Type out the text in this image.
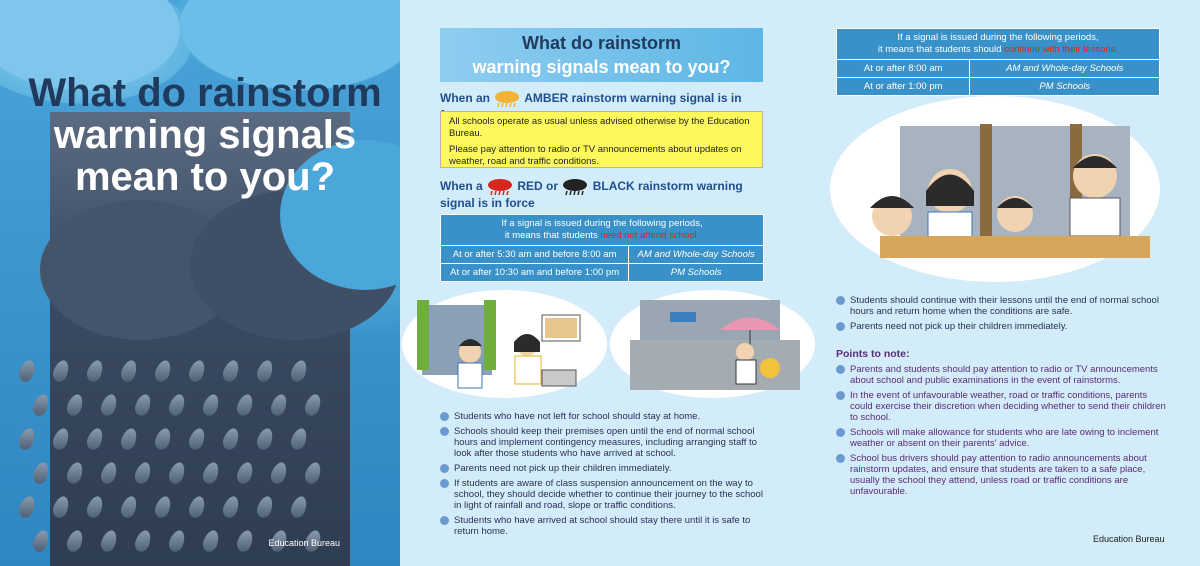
What do rainstorm
warning signals
mean to you?
Education Bureau
What do rainstorm
warning signals mean to you?
When an	AMBER rainstorm warning signal is in

All schools operate as usual unless advised otherwise by the Education Bureau.

Please pay attention to radio or TV announcements about updates on weather, road and traffic conditions.

When a	RED or	BLACK rainstorm warning
signal is in force
If a signal is issued during the following periods,
it means that students need not attend school.	
At or after 5:30 am and before 8:00 am	AM and Whole-day Schools
At or after 10:30 am and before 1:00 pm	PM Schools
Students who have not left for school should stay at home.
Schools should keep their premises open until the end of normal school hours and implement contingency measures, including arranging staff to look after those students who have arrived at school.
Parents need not pick up their children immediately.
If students are aware of class suspension announcement on the way to school, they should decide whether to continue their journey to the school in light of rainfall and road, slope or traffic conditions.
Students who have arrived at school should stay there until it is safe to return home.
If a signal is issued during the following periods,
it means that students should continue with their lessons.	
At or after 8:00 am	AM and Whole-day Schools
At or after 1:00 pm	PM Schools
Students should continue with their lessons until the end of normal school hours and return home when the conditions are safe.
Parents need not pick up their children immediately.
Points to note:
Parents and students should pay attention to radio or TV announcements about school and public examinations in the event of rainstorms.
In the event of unfavourable weather, road or traffic conditions, parents could exercise their discretion when deciding whether to send their children to school.
Schools will make allowance for students who are late owing to inclement weather or absent on their parents' advice.
School bus drivers should pay attention to radio announcements about rainstorm updates, and ensure that students are taken to a safe place, usually the school they attend, unless road or traffic conditions are unfavourable.
Education Bureau
